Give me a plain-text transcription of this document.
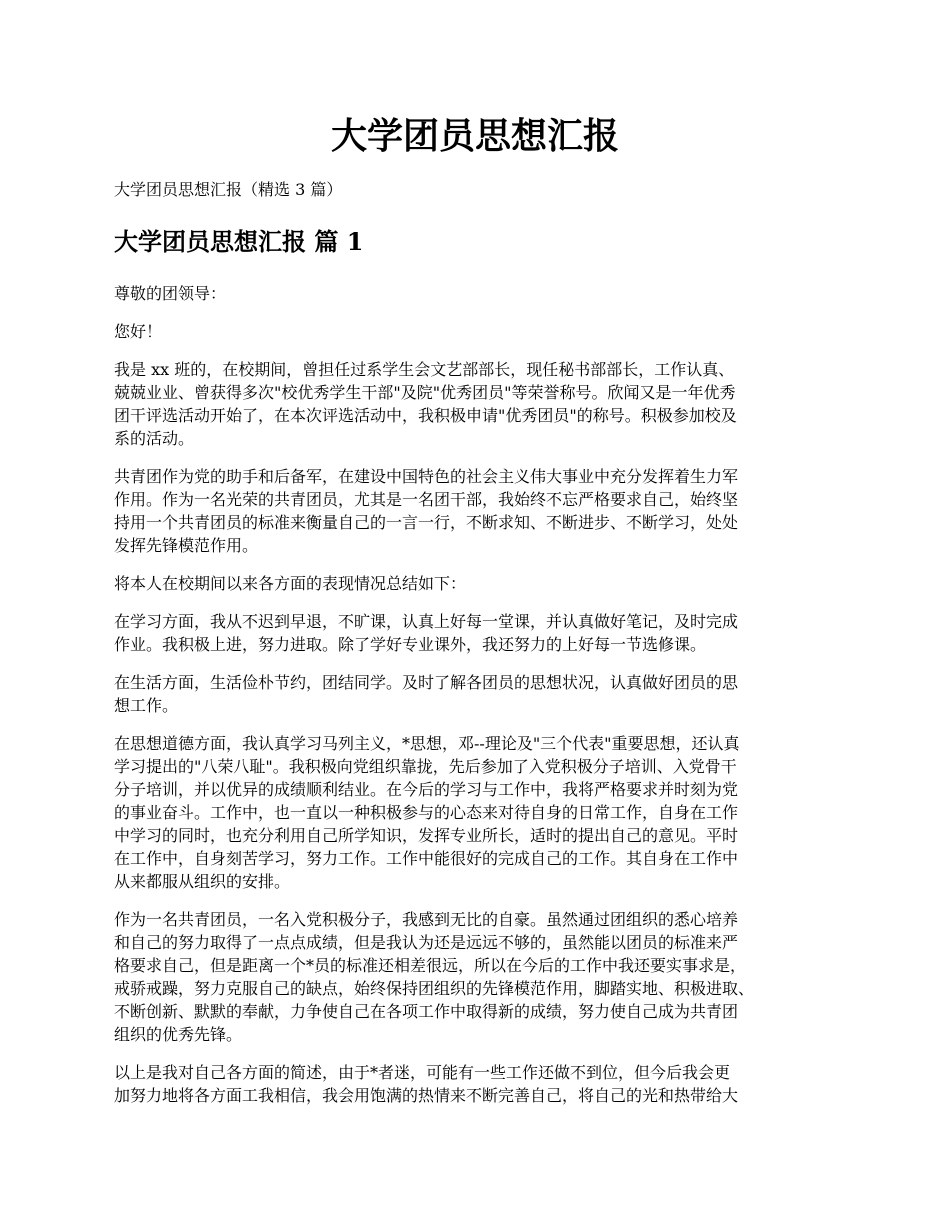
大学团员思想汇报

大学团员思想汇报（精选 3 篇）

大学团员思想汇报 篇 1

尊敬的团领导：

您好！

我是 xx 班的，在校期间，曾担任过系学生会文艺部部长，现任秘书部部长，工作认真、
兢兢业业、曾获得多次"校优秀学生干部"及院"优秀团员"等荣誉称号。欣闻又是一年优秀
团干评选活动开始了，在本次评选活动中，我积极申请"优秀团员"的称号。积极参加校及
系的活动。

共青团作为党的助手和后备军，在建设中国特色的社会主义伟大事业中充分发挥着生力军
作用。作为一名光荣的共青团员，尤其是一名团干部，我始终不忘严格要求自己，始终坚
持用一个共青团员的标准来衡量自己的一言一行，不断求知、不断进步、不断学习，处处
发挥先锋模范作用。

将本人在校期间以来各方面的表现情况总结如下：

在学习方面，我从不迟到早退，不旷课，认真上好每一堂课，并认真做好笔记，及时完成
作业。我积极上进，努力进取。除了学好专业课外，我还努力的上好每一节选修课。

在生活方面，生活俭朴节约，团结同学。及时了解各团员的思想状况，认真做好团员的思
想工作。

在思想道德方面，我认真学习马列主义，*思想，邓--理论及"三个代表"重要思想，还认真
学习提出的"八荣八耻"。我积极向党组织靠拢，先后参加了入党积极分子培训、入党骨干
分子培训，并以优异的成绩顺利结业。在今后的学习与工作中，我将严格要求并时刻为党
的事业奋斗。工作中，也一直以一种积极参与的心态来对待自身的日常工作，自身在工作
中学习的同时，也充分利用自己所学知识，发挥专业所长，适时的提出自己的意见。平时
在工作中，自身刻苦学习，努力工作。工作中能很好的完成自己的工作。其自身在工作中
从来都服从组织的安排。

作为一名共青团员，一名入党积极分子，我感到无比的自豪。虽然通过团组织的悉心培养
和自己的努力取得了一点点成绩，但是我认为还是远远不够的，虽然能以团员的标准来严
格要求自己，但是距离一个*员的标准还相差很远，所以在今后的工作中我还要实事求是，
戒骄戒躁，努力克服自己的缺点，始终保持团组织的先锋模范作用，脚踏实地、积极进取、
不断创新、默默的奉献，力争使自己在各项工作中取得新的成绩，努力使自己成为共青团
组织的优秀先锋。

以上是我对自己各方面的简述，由于*者迷，可能有一些工作还做不到位，但今后我会更
加努力地将各方面工我相信，我会用饱满的热情来不断完善自己，将自己的光和热带给大
